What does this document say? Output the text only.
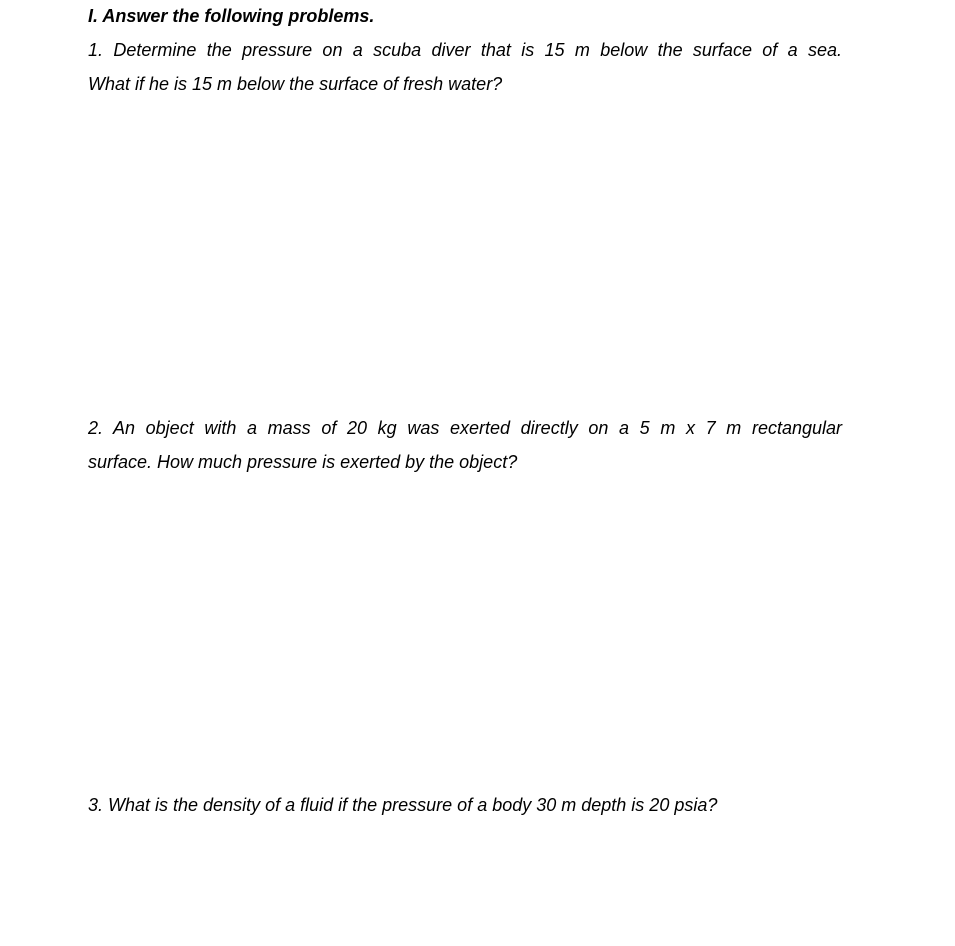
I. Answer the following problems.
1. Determine the pressure on a scuba diver that is 15 m below the surface of a sea.
What if he is 15 m below the surface of fresh water?
2. An object with a mass of 20 kg was exerted directly on a 5 m x 7 m rectangular
surface. How much pressure is exerted by the object?
3. What is the density of a fluid if the pressure of a body 30 m depth is 20 psia?
